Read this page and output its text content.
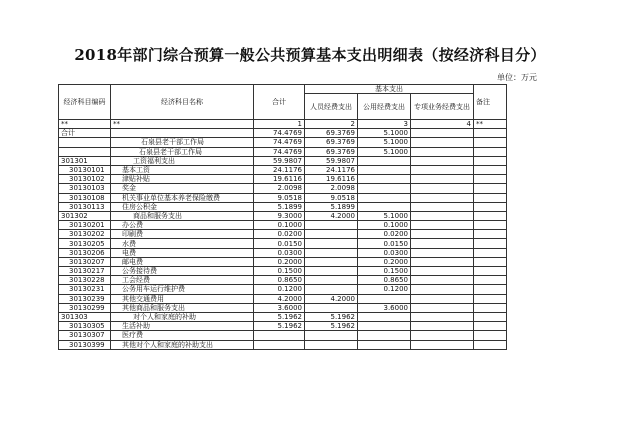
2018年部门综合预算一般公共预算基本支出明细表（按经济科目分）
单位：万元
经济科目编码	经济科目名称	合计	基本支出			备注
			人员经费支出	公用经费支出	专项业务经费支出	

**	**	1	2	3	4	**
合计		74.4769	69.3769	5.1000		
	石泉县老干部工作局	74.4769	69.3769	5.1000		
	石泉县老干部工作局	74.4769	69.3769	5.1000		
301301	工资福利支出	59.9807	59.9807			
30130101	基本工资	24.1176	24.1176			
30130102	津贴补贴	19.6116	19.6116			
30130103	奖金	2.0098	2.0098			
30130108	机关事业单位基本养老保险缴费	9.0518	9.0518			
30130113	住房公积金	5.1899	5.1899			
301302	商品和服务支出	9.3000	4.2000	5.1000		
30130201	办公费	0.1000		0.1000		
30130202	印刷费	0.0200		0.0200		
30130205	水费	0.0150		0.0150		
30130206	电费	0.0300		0.0300		
30130207	邮电费	0.2000		0.2000		
30130217	公务接待费	0.1500		0.1500		
30130228	工会经费	0.8650		0.8650		
30130231	公务用车运行维护费	0.1200		0.1200		
30130239	其他交通费用	4.2000	4.2000			
30130299	其他商品和服务支出	3.6000		3.6000		
301303	对个人和家庭的补助	5.1962	5.1962			
30130305	生活补助	5.1962	5.1962			
30130307	医疗费					
30130399	其他对个人和家庭的补助支出					
